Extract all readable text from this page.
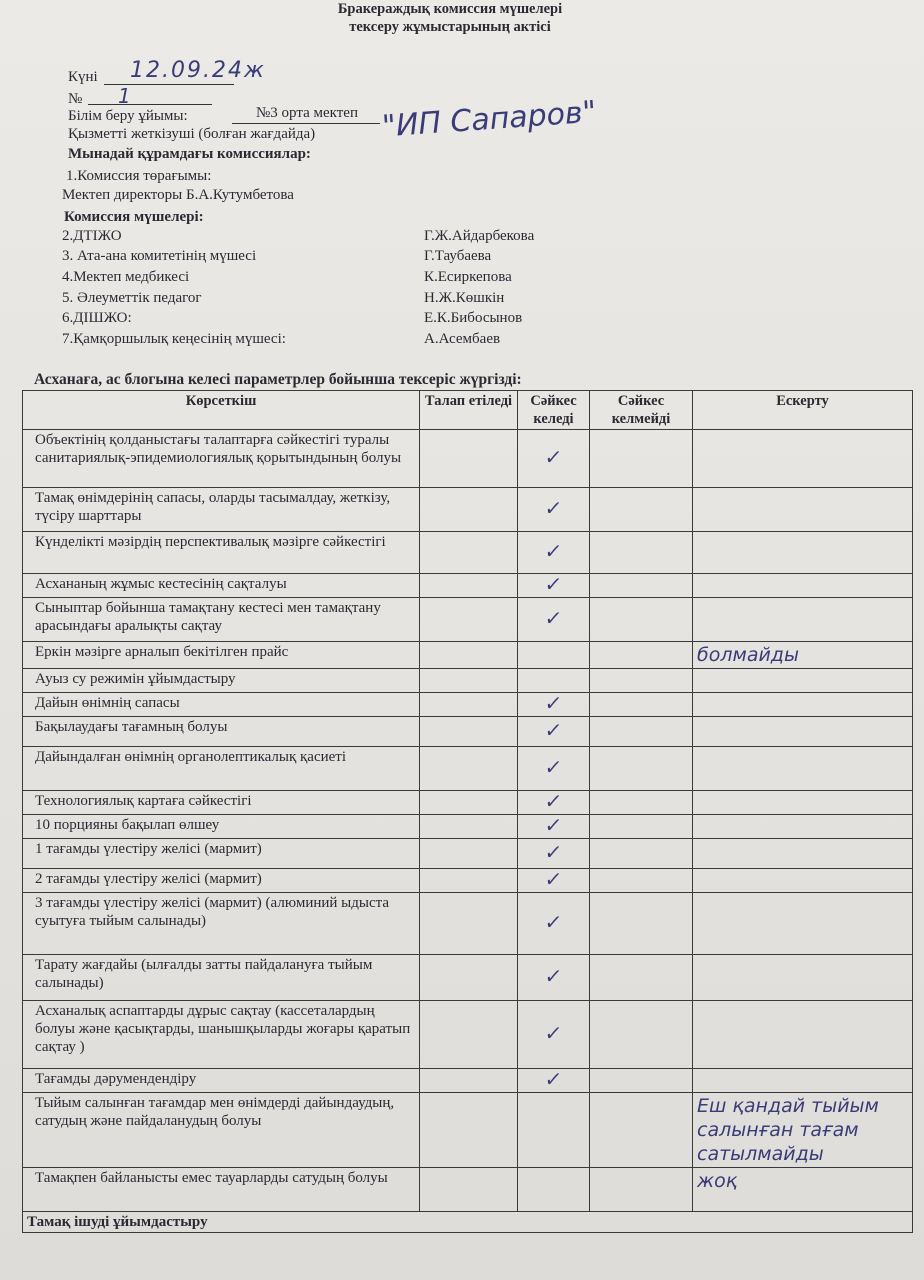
Бракераждық комиссия мүшелері
тексеру жұмыстарының актісі
Күні 12.09.24ж
№ 1
Білім беру ұйымы:	№3 орта мектеп
Қызметті жеткізуші (болған жағдайда) "ИП Сапаров"
Мынадай құрамдағы комиссиялар:
1.Комиссия төрағымы:
Мектеп директоры Б.А.Кутумбетова
Комиссия мүшелері:
2.ДТІЖО	Г.Ж.Айдарбекова
3. Ата-ана комитетінің мүшесі	Г.Таубаева
4.Мектеп медбикесі	К.Есиркепова
5. Әлеуметтік педагог	Н.Ж.Көшкін
6.ДІШЖО:	Е.К.Бибосынов
7.Қамқоршылық кеңесінің мүшесі:	А.Асембаев
Асханаға, ас блогына келесі параметрлер бойынша тексеріс жүргізді:
Көрсеткіш	Талап етіледі	Сәйкес келеді	Сәйкес келмейді	Ескерту
Объектінің қолданыстағы талаптарға сәйкестігі туралы санитариялық-эпидемиологиялық қорытындының болуы		✓		
Тамақ өнімдерінің сапасы, оларды тасымалдау, жеткізу, түсіру шарттары		✓		
Күнделікті мәзірдің перспективалық мәзірге сәйкестігі		✓		
Асхананың жұмыс кестесінің сақталуы		✓		
Сыныптар бойынша тамақтану кестесі мен тамақтану арасындағы аралықты сақтау		✓		
Еркін мәзірге арналып бекітілген прайс				болмайды
Ауыз су режимін ұйымдастыру				
Дайын өнімнің сапасы		✓		
Бақылаудағы тағамның болуы		✓		
Дайындалған өнімнің органолептикалық қасиеті		✓		
Технологиялық картаға сәйкестігі		✓		
10 порцияны бақылап өлшеу		✓		
1 тағамды үлестіру желісі (мармит)		✓		
2 тағамды үлестіру желісі (мармит)		✓		
3 тағамды үлестіру желісі (мармит) (алюминий ыдыста суытуға тыйым салынады)		✓		
Тарату жағдайы (ылғалды затты пайдалануға тыйым салынады)		✓		
Асханалық аспаптарды дұрыс сақтау (кассеталардың болуы және қасықтарды, шанышқыларды жоғары қаратып сақтау )		✓		
Тағамды дәрумендендіру		✓		
Тыйым салынған тағамдар мен өнімдерді дайындаудың, сатудың және пайдаланудың болуы				Еш қандай тыйым салынған тағам сатылмайды
Тамақпен байланысты емес тауарларды сатудың болуы				жоқ
Тамақ ішуді ұйымдастыру				
